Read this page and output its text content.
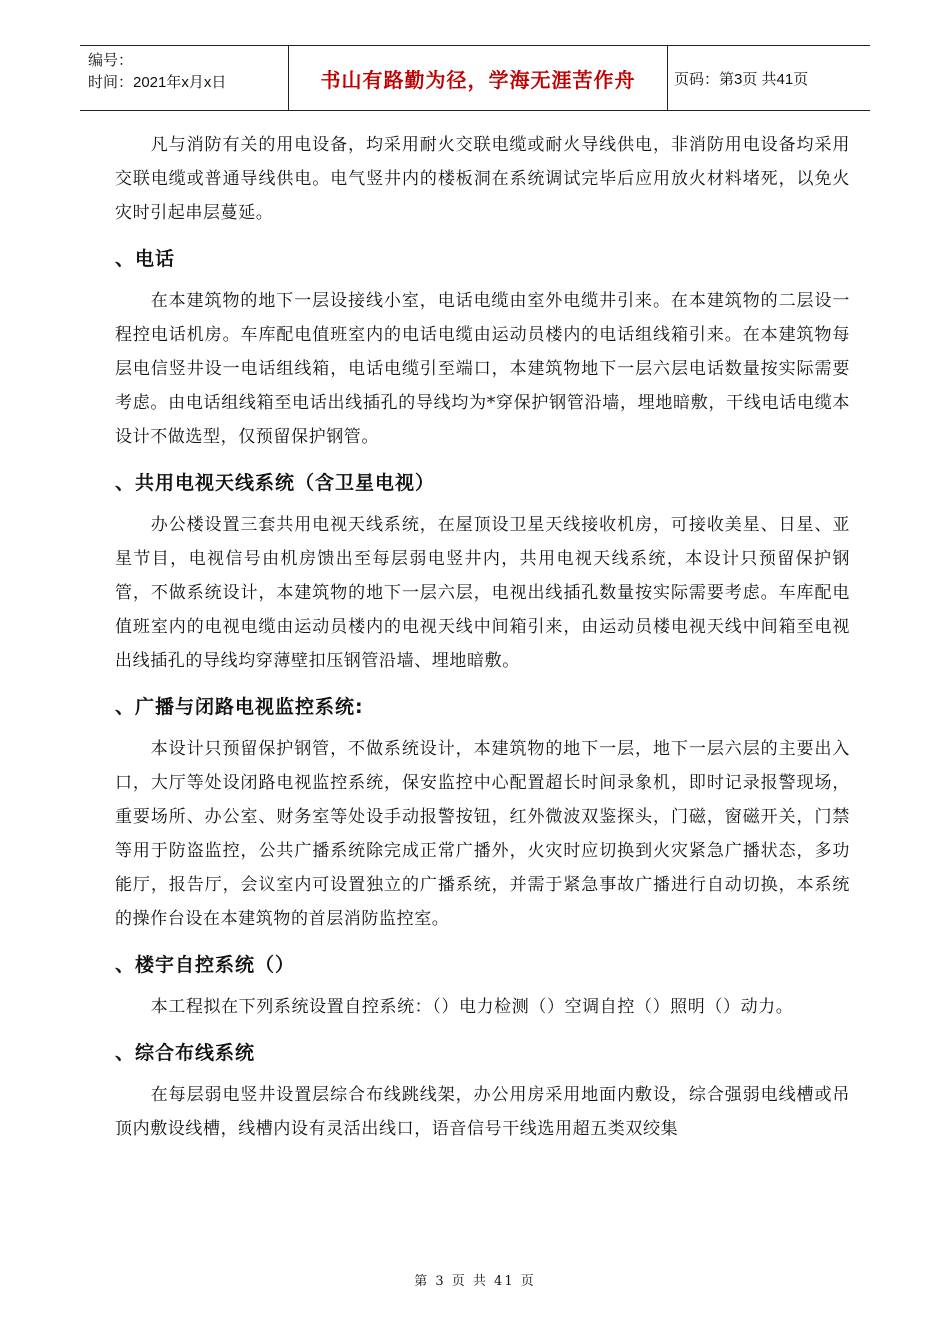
编号：
时间：2021年x月x日	书山有路勤为径，学海无涯苦作舟	页码：第3页 共41页

凡与消防有关的用电设备，均采用耐火交联电缆或耐火导线供电，非消防用电设备均采用交联电缆或普通导线供电。电气竖井内的楼板洞在系统调试完毕后应用放火材料堵死，以免火灾时引起串层蔓延。

、电话

在本建筑物的地下一层设接线小室，电话电缆由室外电缆井引来。在本建筑物的二层设一程控电话机房。车库配电值班室内的电话电缆由运动员楼内的电话组线箱引来。在本建筑物每层电信竖井设一电话组线箱，电话电缆引至端口，本建筑物地下一层六层电话数量按实际需要考虑。由电话组线箱至电话出线插孔的导线均为*穿保护钢管沿墙，埋地暗敷，干线电话电缆本设计不做选型，仅预留保护钢管。

、共用电视天线系统（含卫星电视）

办公楼设置三套共用电视天线系统，在屋顶设卫星天线接收机房，可接收美星、日星、亚星节目，电视信号由机房馈出至每层弱电竖井内，共用电视天线系统，本设计只预留保护钢管，不做系统设计，本建筑物的地下一层六层，电视出线插孔数量按实际需要考虑。车库配电值班室内的电视电缆由运动员楼内的电视天线中间箱引来，由运动员楼电视天线中间箱至电视出线插孔的导线均穿薄壁扣压钢管沿墙、埋地暗敷。

、广播与闭路电视监控系统:

本设计只预留保护钢管，不做系统设计，本建筑物的地下一层，地下一层六层的主要出入口，大厅等处设闭路电视监控系统，保安监控中心配置超长时间录象机，即时记录报警现场，重要场所、办公室、财务室等处设手动报警按钮，红外微波双鉴探头，门磁，窗磁开关，门禁等用于防盗监控，公共广播系统除完成正常广播外，火灾时应切换到火灾紧急广播状态，多功能厅，报告厅，会议室内可设置独立的广播系统，并需于紧急事故广播进行自动切换，本系统的操作台设在本建筑物的首层消防监控室。

、楼宇自控系统（）

本工程拟在下列系统设置自控系统：（）电力检测（）空调自控（）照明（）动力。

、综合布线系统

在每层弱电竖井设置层综合布线跳线架，办公用房采用地面内敷设，综合强弱电线槽或吊顶内敷设线槽，线槽内设有灵活出线口，语音信号干线选用超五类双绞集

第 3 页 共 41 页
